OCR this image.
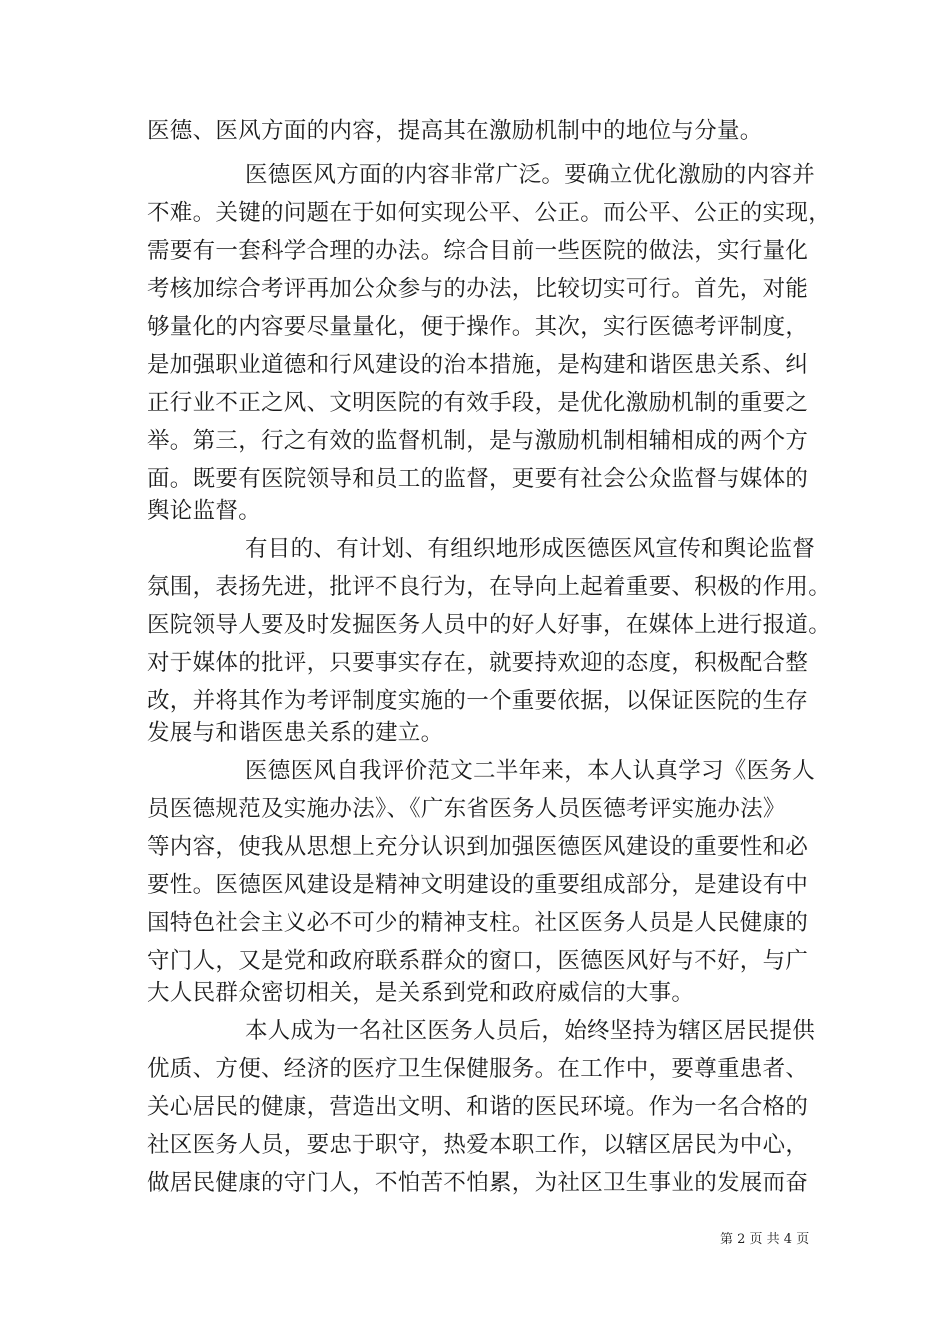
医德、医风方面的内容，提高其在激励机制中的地位与分量。
医德医风方面的内容非常广泛。要确立优化激励的内容并
不难。关键的问题在于如何实现公平、公正。而公平、公正的实现，
需要有一套科学合理的办法。综合目前一些医院的做法，实行量化
考核加综合考评再加公众参与的办法，比较切实可行。首先，对能
够量化的内容要尽量量化，便于操作。其次，实行医德考评制度，
是加强职业道德和行风建设的治本措施，是构建和谐医患关系、纠
正行业不正之风、文明医院的有效手段，是优化激励机制的重要之
举。第三，行之有效的监督机制，是与激励机制相辅相成的两个方
面。既要有医院领导和员工的监督，更要有社会公众监督与媒体的
舆论监督。
有目的、有计划、有组织地形成医德医风宣传和舆论监督
氛围，表扬先进，批评不良行为，在导向上起着重要、积极的作用。
医院领导人要及时发掘医务人员中的好人好事，在媒体上进行报道。
对于媒体的批评，只要事实存在，就要持欢迎的态度，积极配合整
改，并将其作为考评制度实施的一个重要依据，以保证医院的生存
发展与和谐医患关系的建立。
医德医风自我评价范文二半年来，本人认真学习《医务人
员医德规范及实施办法》、《广东省医务人员医德考评实施办法》
等内容，使我从思想上充分认识到加强医德医风建设的重要性和必
要性。医德医风建设是精神文明建设的重要组成部分，是建设有中
国特色社会主义必不可少的精神支柱。社区医务人员是人民健康的
守门人，又是党和政府联系群众的窗口，医德医风好与不好，与广
大人民群众密切相关，是关系到党和政府威信的大事。
本人成为一名社区医务人员后，始终坚持为辖区居民提供
优质、方便、经济的医疗卫生保健服务。在工作中，要尊重患者、
关心居民的健康，营造出文明、和谐的医民环境。作为一名合格的
社区医务人员，要忠于职守，热爱本职工作，以辖区居民为中心，
做居民健康的守门人，不怕苦不怕累，为社区卫生事业的发展而奋
第 2 页 共 4 页
